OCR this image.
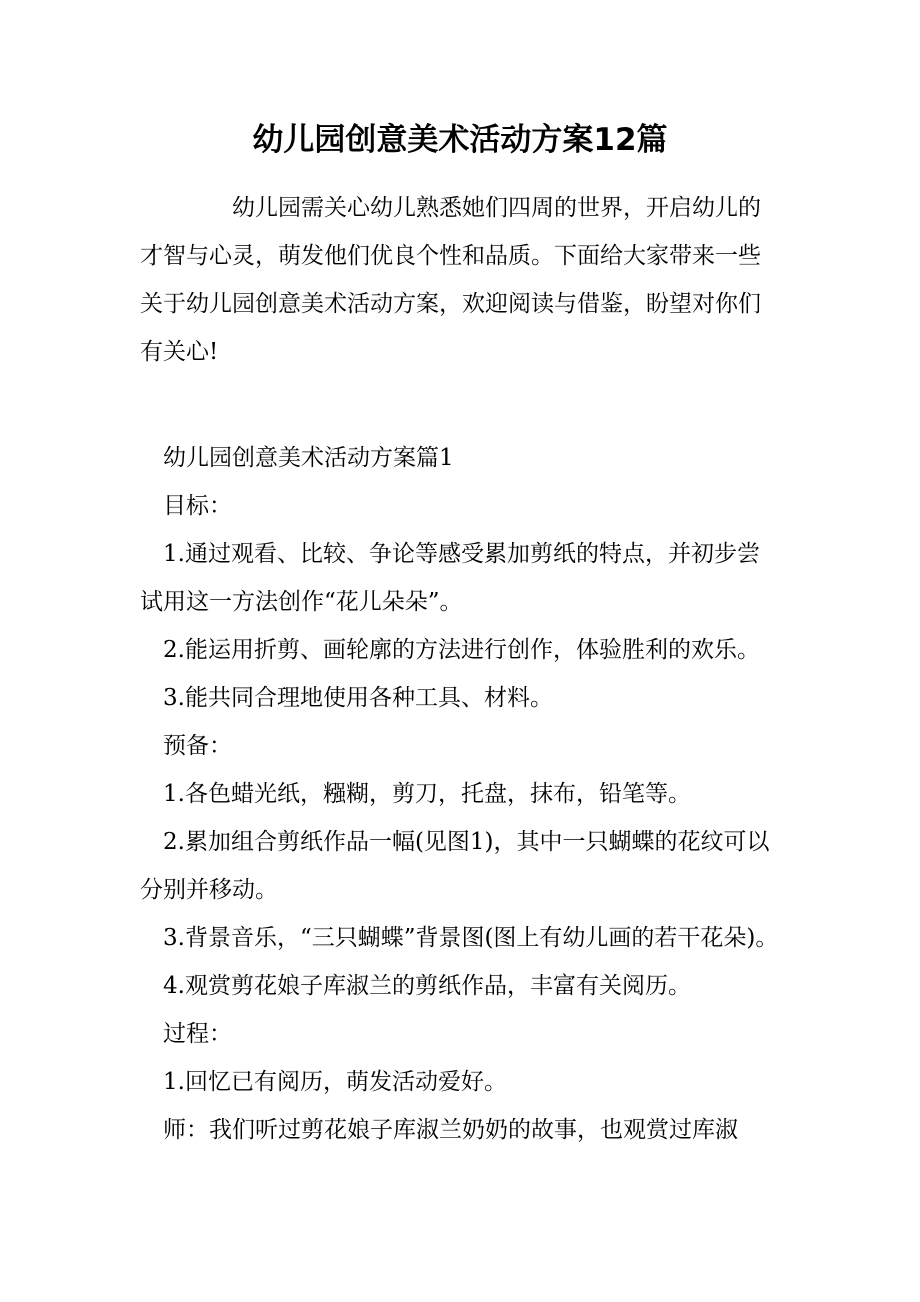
幼儿园创意美术活动方案12篇

幼儿园需关心幼儿熟悉她们四周的世界，开启幼儿的才智与心灵，萌发他们优良个性和品质。下面给大家带来一些关于幼儿园创意美术活动方案，欢迎阅读与借鉴，盼望对你们有关心!

幼儿园创意美术活动方案篇1

目标：

1.通过观看、比较、争论等感受累加剪纸的特点，并初步尝试用这一方法创作“花儿朵朵”。

2.能运用折剪、画轮廓的方法进行创作，体验胜利的欢乐。

3.能共同合理地使用各种工具、材料。

预备：

1.各色蜡光纸，糨糊，剪刀，托盘，抹布，铅笔等。

2.累加组合剪纸作品一幅(见图1)，其中一只蝴蝶的花纹可以分别并移动。

3.背景音乐，“三只蝴蝶”背景图(图上有幼儿画的若干花朵)。

4.观赏剪花娘子库淑兰的剪纸作品，丰富有关阅历。

过程：

1.回忆已有阅历，萌发活动爱好。

师：我们听过剪花娘子库淑兰奶奶的故事，也观赏过库淑
